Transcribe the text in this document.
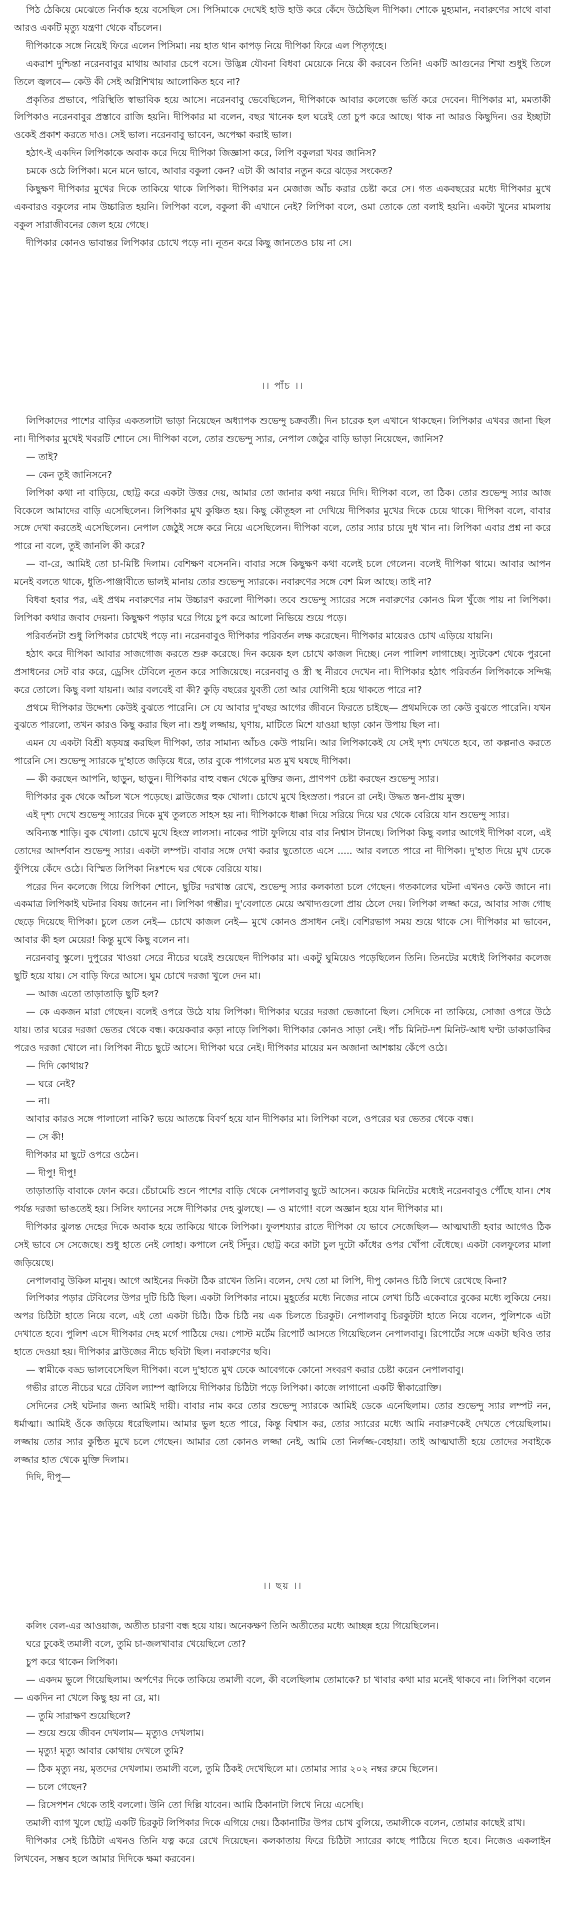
পিঠ ঠেকিয়ে মেঝেতে নির্বাক হয়ে বসেছিল সে। পিসিমাকে দেখেই হাউ হাউ করে কেঁদে উঠেছিল দীপিকা। শোকে মুহ্যমান, নবারুণের সাথে বাবা আরও একটি মৃত্যু যন্ত্রণা থেকে বাঁচলেন।

দীপিকাকে সঙ্গে নিয়েই ফিরে এলেন পিসিমা। নয় হাত থান কাপড় নিয়ে দীপিকা ফিরে এল পিতৃগৃহে।

একরাশ দুশ্চিন্তা নরেনবাবুর মাথায় আবার চেপে বসে। উদ্ভিন্ন যৌবনা বিধবা মেয়েকে নিয়ে কী করবেন তিনি! একটি আগুনের শিখা শুধুই তিলে তিলে জ্বলবে— কেউ কী সেই অগ্নিশিখায় আলোকিত হবে না?

প্রকৃতির প্রভাবে, পরিস্থিতি স্বাভাবিক হয়ে আসে। নরেনবাবু ভেবেছিলেন, দীপিকাকে আবার কলেজে ভর্তি করে দেবেন। দীপিকার মা, মমতাকী লিপিকাও নরেনবাবুর প্রস্তাবে রাজি হয়নি। দীপিকার মা বলেন, বছর খানেক হল ঘরেই তো চুপ করে আছে। থাক না আরও কিছুদিন। ওর ইচ্ছাটা ওকেই প্রকাশ করতে দাও। সেই ভাল। নরেনবাবু ভাবেন, অপেক্ষা করাই ভাল।

হঠাৎ-ই একদিন লিপিকাকে অবাক করে দিয়ে দীপিকা জিজ্ঞাসা করে, লিপি বকুলরা খবর জানিস?

চমকে ওঠে লিপিকা। মনে মনে ভাবে, আবার বকুলা কেন? এটা কী আবার নতুন করে ঝড়ের সংকেত?

কিছুক্ষণ দীপিকার মুখের দিকে তাকিয়ে থাকে লিপিকা। দীপিকার মন মেজাজ আঁচ করার চেষ্টা করে সে। গত একবছরের মধ্যে দীপিকার মুখে একবারও বকুলের নাম উচ্চারিত হয়নি। লিপিকা বলে, বকুলা কী এখানে নেই? লিপিকা বলে, ওমা তোকে তো বলাই হয়নি। একটা খুনের মামলায় বকুল সারাজীবনের জেল হয়ে গেছে।

দীপিকার কোনও ভাবান্তর লিপিকার চোখে পড়ে না। নূতন করে কিছু জানতেও চায় না সে।

।। পাঁচ ।।

লিপিকাদের পাশের বাড়ির একতলাটা ভাড়া নিয়েছেন অধ্যাপক শুভেন্দু চক্রবর্তী। দিন চারেক হল এখানে থাকছেন। লিপিকার এখবর জানা ছিল না। দীপিকার মুখেই খবরটি শোনে সে। দীপিকা বলে, তোর শুভেন্দু স্যার, নেপাল জেঠুর বাড়ি ভাড়া নিয়েছেন, জানিস?

— তাই?

— কেন তুই জানিসনে?

লিপিকা কথা না বাড়িয়ে, ছোট্ট করে একটা উত্তর দেয়, আমার তো জানার কথা নয়রে দিদি। দীপিকা বলে, তা ঠিক। তোর শুভেন্দু স্যার আজ বিকেলে আমাদের বাড়ি এসেছিলেন। লিপিকার মুখ কুঞ্চিত হয়। কিছু কৌতূহল না দেখিয়ে দীপিকার মুখের দিকে চেয়ে থাকে। দীপিকা বলে, বাবার সঙ্গে দেখা করতেই এসেছিলেন। নেপাল জেঠুই সঙ্গে করে নিয়ে এসেছিলেন। দীপিকা বলে, তোর স্যার চায়ে দুধ খান না। লিপিকা এবার প্রশ্ন না করে পারে না বলে, তুই জানলি কী করে?

— বা-রে, আমিই তো চা-মিষ্টি দিলাম। বেশিক্ষণ বসেননি। বাবার সঙ্গে কিছুক্ষণ কথা বলেই চলে গেলেন। বলেই দীপিকা থামে। আবার আপন মনেই বলতে থাকে, ধুতি-পাঞ্জাবীতে ভালই মানায় তোর শুভেন্দু স্যারকে। নবারুণের সঙ্গে বেশ মিল আছে। তাই না?

বিধবা হবার পর, এই প্রথম নবারুণের নাম উচ্চারণ করলো দীপিকা। তবে শুভেন্দু স্যারের সঙ্গে নবারুণের কোনও মিল খুঁজে পায় না লিপিকা। লিপিকা কথার জবাব দেয়না। কিছুক্ষণ পড়ার ঘরে গিয়ে চুপ করে আলো নিভিয়ে শুয়ে পড়ে।

পরিবর্তনটা শুধু লিপিকার চোখেই পড়ে না। নরেনবাবুও দীপিকার পরিবর্তন লক্ষ করেছেন। দীপিকার মায়েরও চোখ এড়িয়ে যায়নি।

হঠাৎ করে দীপিকা আবার সাজগোজ করতে শুরু করেছে। দিন কয়েক হল চোখে কাজল দিচ্ছে। নেল পালিশ লাগাচ্ছে। স্যুটকেশ থেকে পুরনো প্রসাধনের সেট বার করে, ড্রেসিং টেবিলে নূতন করে সাজিয়েছে। নরেনবাবু ও স্ত্রী স্থ নীরবে দেখেন না। দীপিকার হঠাৎ পরিবর্তন লিপিকাকে সন্দিগ্ধ করে তোলে। কিছু বলা যায়না। আর বলবেই বা কী? কুড়ি বছরের যুবতী তো আর যোগিনী হয়ে থাকতে পারে না?

প্রথমে দীপিকার উদ্দেশ্য কেউই বুঝতে পারেনি। সে যে আবার দু'বছর আগের জীবনে ফিরতে চাইছে— প্রথমদিকে তা কেউ বুঝতে পারেনি। যখন বুঝতে পারলো, তখন কারও কিছু করার ছিল না। শুধু লজ্জায়, ঘৃণায়, মাটিতে মিশে যাওয়া ছাড়া কোন উপায় ছিল না।

এমন যে একটা বিশ্রী ষড়যন্ত্র করছিল দীপিকা, তার সামান্য আঁচও কেউ পায়নি। আর লিপিকাকেই যে সেই দৃশ্য দেখতে হবে, তা কল্পনাও করতে পারেনি সে। শুভেন্দু স্যারকে দু'হাতে জড়িয়ে ধরে, তার বুকে পাগলের মত মুখ ঘষছে দীপিকা।

— কী করছেন আপনি, ছাড়ুন, ছাড়ুন। দীপিকার বাহু বন্ধন থেকে মুক্তির জন্য, প্রাণপণ চেষ্টা করছেন শুভেন্দু স্যার।

দীপিকার বুক থেকে আঁচল খসে পড়েছে। ব্লাউজের হুক খোলা। চোখে মুখে হিংস্রতা। পরনে রা নেই। উদ্ধত স্তন-প্রায় মুক্ত।

এই দৃশ্য দেখে শুভেন্দু স্যারের দিকে মুখ তুলতে সাহস হয় না। দীপিকাকে ধাক্কা দিয়ে সরিয়ে দিয়ে ঘর থেকে বেরিয়ে যান শুভেন্দু স্যার।

অবিন্যস্ত শাড়ি। বুক খোলা। চোখে মুখে হিংস্র লালসা। নাকের পাটা ফুলিয়ে বার বার নিশ্বাস টানছে। লিপিকা কিছু বলার আগেই দীপিকা বলে, এই তোদের আদর্শবান শুভেন্দু স্যার। একটা লম্পট। বাবার সঙ্গে দেখা করার ছুতোতে এসে ..... আর বলতে পারে না দীপিকা। দু'হাত দিয়ে মুখ ঢেকে ফুঁপিয়ে কেঁদে ওঠে। বিস্মিত লিপিকা নিঃশব্দে ঘর থেকে বেরিয়ে যায়।

পরের দিন কলেজে গিয়ে লিপিকা শোনে, ছুটির দরখাস্ত রেখে, শুভেন্দু স্যার কলকাতা চলে গেছেন। গতকালের ঘটনা এখনও কেউ জানে না। একমাত্র লিপিকাই ঘটনার বিষয় জানেন না। লিপিকা গম্ভীর। দু'বেলাতে মেয়ে অখাদ্যগুলো প্রায় ঠেলে দেয়। লিপিকা লজ্জা করে, আবার সাজ গোছ ছেড়ে দিয়েছে দীপিকা। চুলে তেল নেই— চোখে কাজল নেই— মুখে কোনও প্রসাধন নেই। বেশিরভাগ সময় শুয়ে থাকে সে। দীপিকার মা ভাবেন, আবার কী হল মেয়ের! কিন্তু মুখে কিছু বলেন না।

নরেনবাবু স্কুলে। দুপুরের খাওয়া সেরে নীচের ঘরেই শুয়েছেন দীপিকার মা। একটু ঘুমিয়েও পড়েছিলেন তিনি। তিনটের মধ্যেই লিপিকার কলেজ ছুটি হয়ে যায়। সে বাড়ি ফিরে আসে। ঘুম চোখে দরজা খুলে দেন মা।

— আজ এতো তাড়াতাড়ি ছুটি হল?

— কে একজন মারা গেছেন। বলেই ওপরে উঠে যায় লিপিকা। দীপিকার ঘরের দরজা ভেজানো ছিল। সেদিকে না তাকিয়ে, সোজা ওপরে উঠে যায়। তার ঘরের দরজা ভেতর থেকে বন্ধ। কয়েকবার কড়া নাড়ে লিপিকা। দীপিকার কোনও সাড়া নেই। পাঁচ মিনিট-দশ মিনিট-আধ ঘণ্টা ডাকাডাকির পরেও দরজা খোলে না। লিপিকা নীচে ছুটে আসে। দীপিকা ঘরে নেই। দীপিকার মায়ের মন অজানা আশঙ্কায় কেঁপে ওঠে।

— দিদি কোথায়?

— ঘরে নেই?

— না।

আবার কারও সঙ্গে পালালো নাকি? ভয়ে আতঙ্কে বিবর্ণ হয়ে যান দীপিকার মা। লিপিকা বলে, ওপরের ঘর ভেতর থেকে বন্ধ।

— সে কী!

দীপিকার মা ছুটে ওপরে ওঠেন।

— দীপু! দীপু!

তাড়াতাড়ি বাবাকে ফোন করে। চেঁচামেচি শুনে পাশের বাড়ি থেকে নেপালবাবু ছুটে আসেন। কয়েক মিনিটের মধ্যেই নরেনবাবুও পৌঁছে যান। শেষ পর্যন্ত দরজা ভাঙতেই হয়। সিলিং ফ্যানের সঙ্গে দীপিকার দেহ ঝুলছে। — ও মাগো! বলে অজ্ঞান হয়ে যান দীপিকার মা।

দীপিকার ঝুলন্ত দেহের দিকে অবাক হয়ে তাকিয়ে থাকে লিপিকা। ফুলশয্যার রাতে দীপিকা যে ভাবে সেজেছিল— আত্মঘাতী হবার আগেও ঠিক সেই ভাবে সে সেজেছে। শুধু হাতে নেই লোহা। কপালে নেই সিঁদুর। ছোট্ট করে কাটা চুল দুটো কাঁধের ওপর খোঁপা বেঁধেছে। একটা বেলফুলের মালা জড়িয়েছে।

নেপালবাবু উকিল মানুষ। আগে আইনের দিকটা ঠিক রাখেন তিনি। বলেন, দেখ তো মা লিপি, দীপু কোনও চিঠি লিখে রেখেছে কিনা?

লিপিকার পড়ার টেবিলের উপর দুটি চিঠি ছিল। একটা লিপিকার নামে। মুহূর্তের মধ্যে নিজের নামে লেখা চিঠি একেবারে বুকের মধ্যে লুকিয়ে নেয়। অপর চিঠিটা হাতে নিয়ে বলে, এই তো একটা চিঠি। ঠিক চিঠি নয় এক চিলতে চিরকুট। নেপালবাবু চিরকুটটা হাতে নিয়ে বলেন, পুলিশকে এটা দেখাতে হবে। পুলিশ এসে দীপিকার দেহ মর্গে পাঠিয়ে দেয়। পোস্ট মর্টেম রিপোর্ট আসতে গিয়েছিলেন নেপালবাবু। রিপোর্টের সঙ্গে একটা ছবিও তার হাতে দেওয়া হয়। দীপিকার ব্লাউজের নীচে ছবিটা ছিল। নবারুণের ছবি।

— স্বামীকে বড্ড ভালবেসেছিল দীপিকা। বলে দু'হাতে মুখ ঢেকে আবেগকে কোনো সংবরণ করার চেষ্টা করেন নেপালবাবু।

গভীর রাতে নীচের ঘরে টেবিল ল্যাম্প জ্বালিয়ে দীপিকার চিঠিটা পড়ে লিপিকা। কাজে লাগানো একটি স্বীকারোক্তি।

সেদিনের সেই ঘটনার জন্য আমিই দায়ী। বাবার নাম করে তোর শুভেন্দু স্যারকে আমিই ডেকে এনেছিলাম। তোর শুভেন্দু স্যার লম্পট নন, ধর্মাত্মা। আমিই ওঁকে জড়িয়ে ধরেছিলাম। আমার ভুল হতে পারে, কিন্তু বিশ্বাস কর, তোর স্যারের মধ্যে আমি নবারুণকেই দেখতে পেয়েছিলাম। লজ্জায় তোর স্যার কুন্ঠিত মুখে চলে গেছেন। আমার তো কোনও লজ্জা নেই, আমি তো নির্লজ্জ-বেহায়া। তাই আত্মঘাতী হয়ে তোদের সবাইকে লজ্জার হাত থেকে মুক্তি দিলাম।

দিদি, দীপু—

।। ছয় ।।

কলিং বেল-এর আওয়াজ, অতীত চারণা বন্ধ হয়ে যায়। অনেকক্ষণ তিনি অতীতের মধ্যে আচ্ছন্ন হয়ে গিয়েছিলেন।

ঘরে ঢুকেই তমালী বলে, তুমি চা-জলখাবার খেয়েছিলে তো?

চুপ করে থাকেন লিপিকা।

— একদম ভুলে গিয়েছিলাম। অর্পণের দিকে তাকিয়ে তমালী বলে, কী বলেছিলাম তোমাকে? চা খাবার কথা মার মনেই থাকবে না। লিপিকা বলেন— একদিন না খেলে কিছু হয় না রে, মা।

— তুমি সারাক্ষণ শুয়েছিলে?

— শুয়ে শুয়ে জীবন দেখলাম— মৃত্যুও দেখলাম।

— মৃত্যু! মৃত্যু আবার কোথায় দেখলে তুমি?

— ঠিক মৃত্যু নয়, মৃতদের দেখলাম। তমালী বলে, তুমি ঠিকই দেখেছিলে মা। তোমার স্যার ২০২ নম্বর রুমে ছিলেন।

— চলে গেছেন?

— রিসেপশন থেকে তাই বললো। উনি তো দিল্লি যাবেন। আমি ঠিকানাটা লিখে নিয়ে এসেছি।

তমালী ব্যাগ খুলে ছোট্ট একটি চিরকুট লিপিকার দিকে এগিয়ে দেয়। ঠিকানাটির উপর চোখ বুলিয়ে, তমালীকে বলেন, তোমার কাছেই রাখ।

দীপিকার সেই চিঠিটা এখনও তিনি যত্ন করে রেখে দিয়েছেন। কলকাতায় ফিরে চিঠিটা স্যারের কাছে পাঠিয়ে দিতে হবে। নিজেও একলাইন লিখবেন, সম্ভব হলে আমার দিদিকে ক্ষমা করবেন।
